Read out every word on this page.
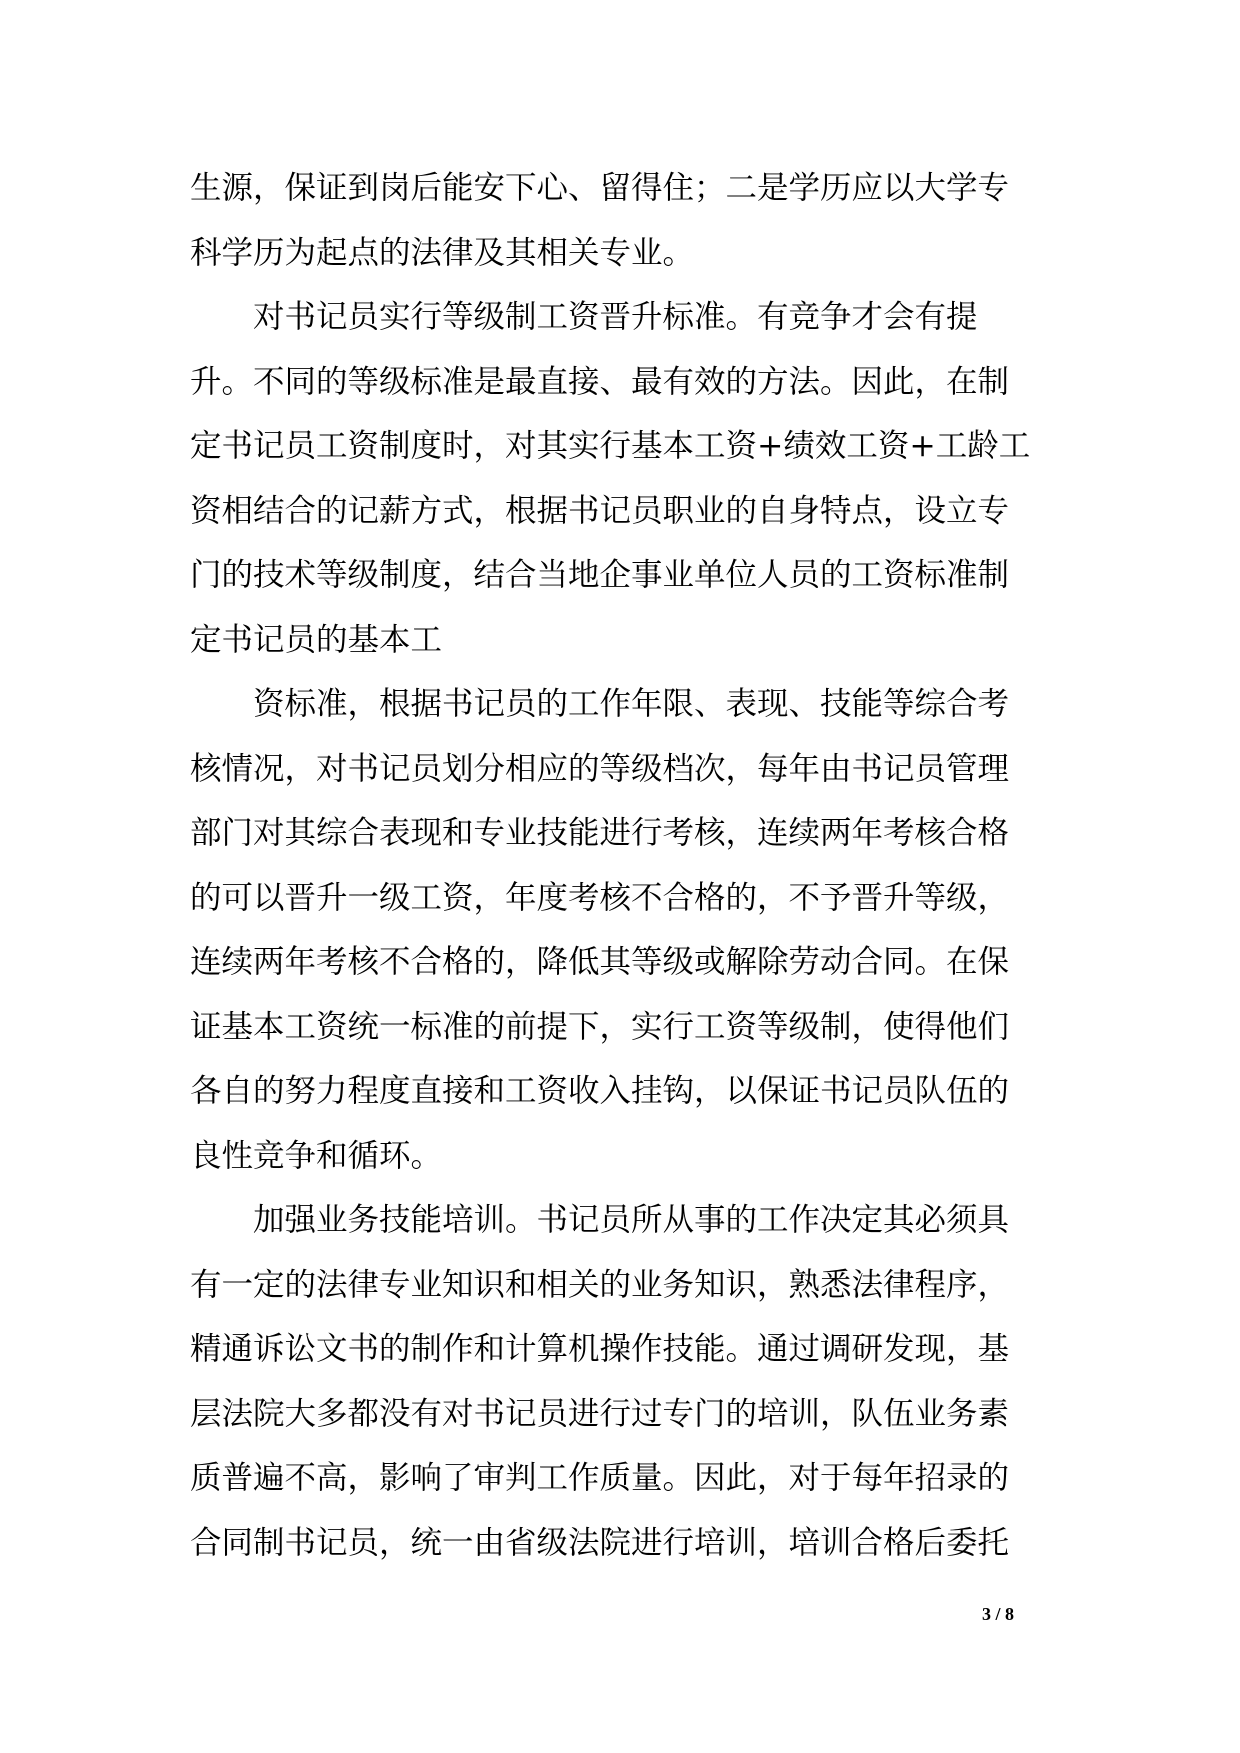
生源，保证到岗后能安下心、留得住；二是学历应以大学专
科学历为起点的法律及其相关专业。
　　对书记员实行等级制工资晋升标准。有竞争才会有提
升。不同的等级标准是最直接、最有效的方法。因此，在制
定书记员工资制度时，对其实行基本工资+绩效工资+工龄工
资相结合的记薪方式，根据书记员职业的自身特点，设立专
门的技术等级制度，结合当地企事业单位人员的工资标准制
定书记员的基本工
　　资标准，根据书记员的工作年限、表现、技能等综合考
核情况，对书记员划分相应的等级档次，每年由书记员管理
部门对其综合表现和专业技能进行考核，连续两年考核合格
的可以晋升一级工资，年度考核不合格的，不予晋升等级，
连续两年考核不合格的，降低其等级或解除劳动合同。在保
证基本工资统一标准的前提下，实行工资等级制，使得他们
各自的努力程度直接和工资收入挂钩，以保证书记员队伍的
良性竞争和循环。
　　加强业务技能培训。书记员所从事的工作决定其必须具
有一定的法律专业知识和相关的业务知识，熟悉法律程序，
精通诉讼文书的制作和计算机操作技能。通过调研发现，基
层法院大多都没有对书记员进行过专门的培训，队伍业务素
质普遍不高，影响了审判工作质量。因此，对于每年招录的
合同制书记员，统一由省级法院进行培训，培训合格后委托
3 / 8
